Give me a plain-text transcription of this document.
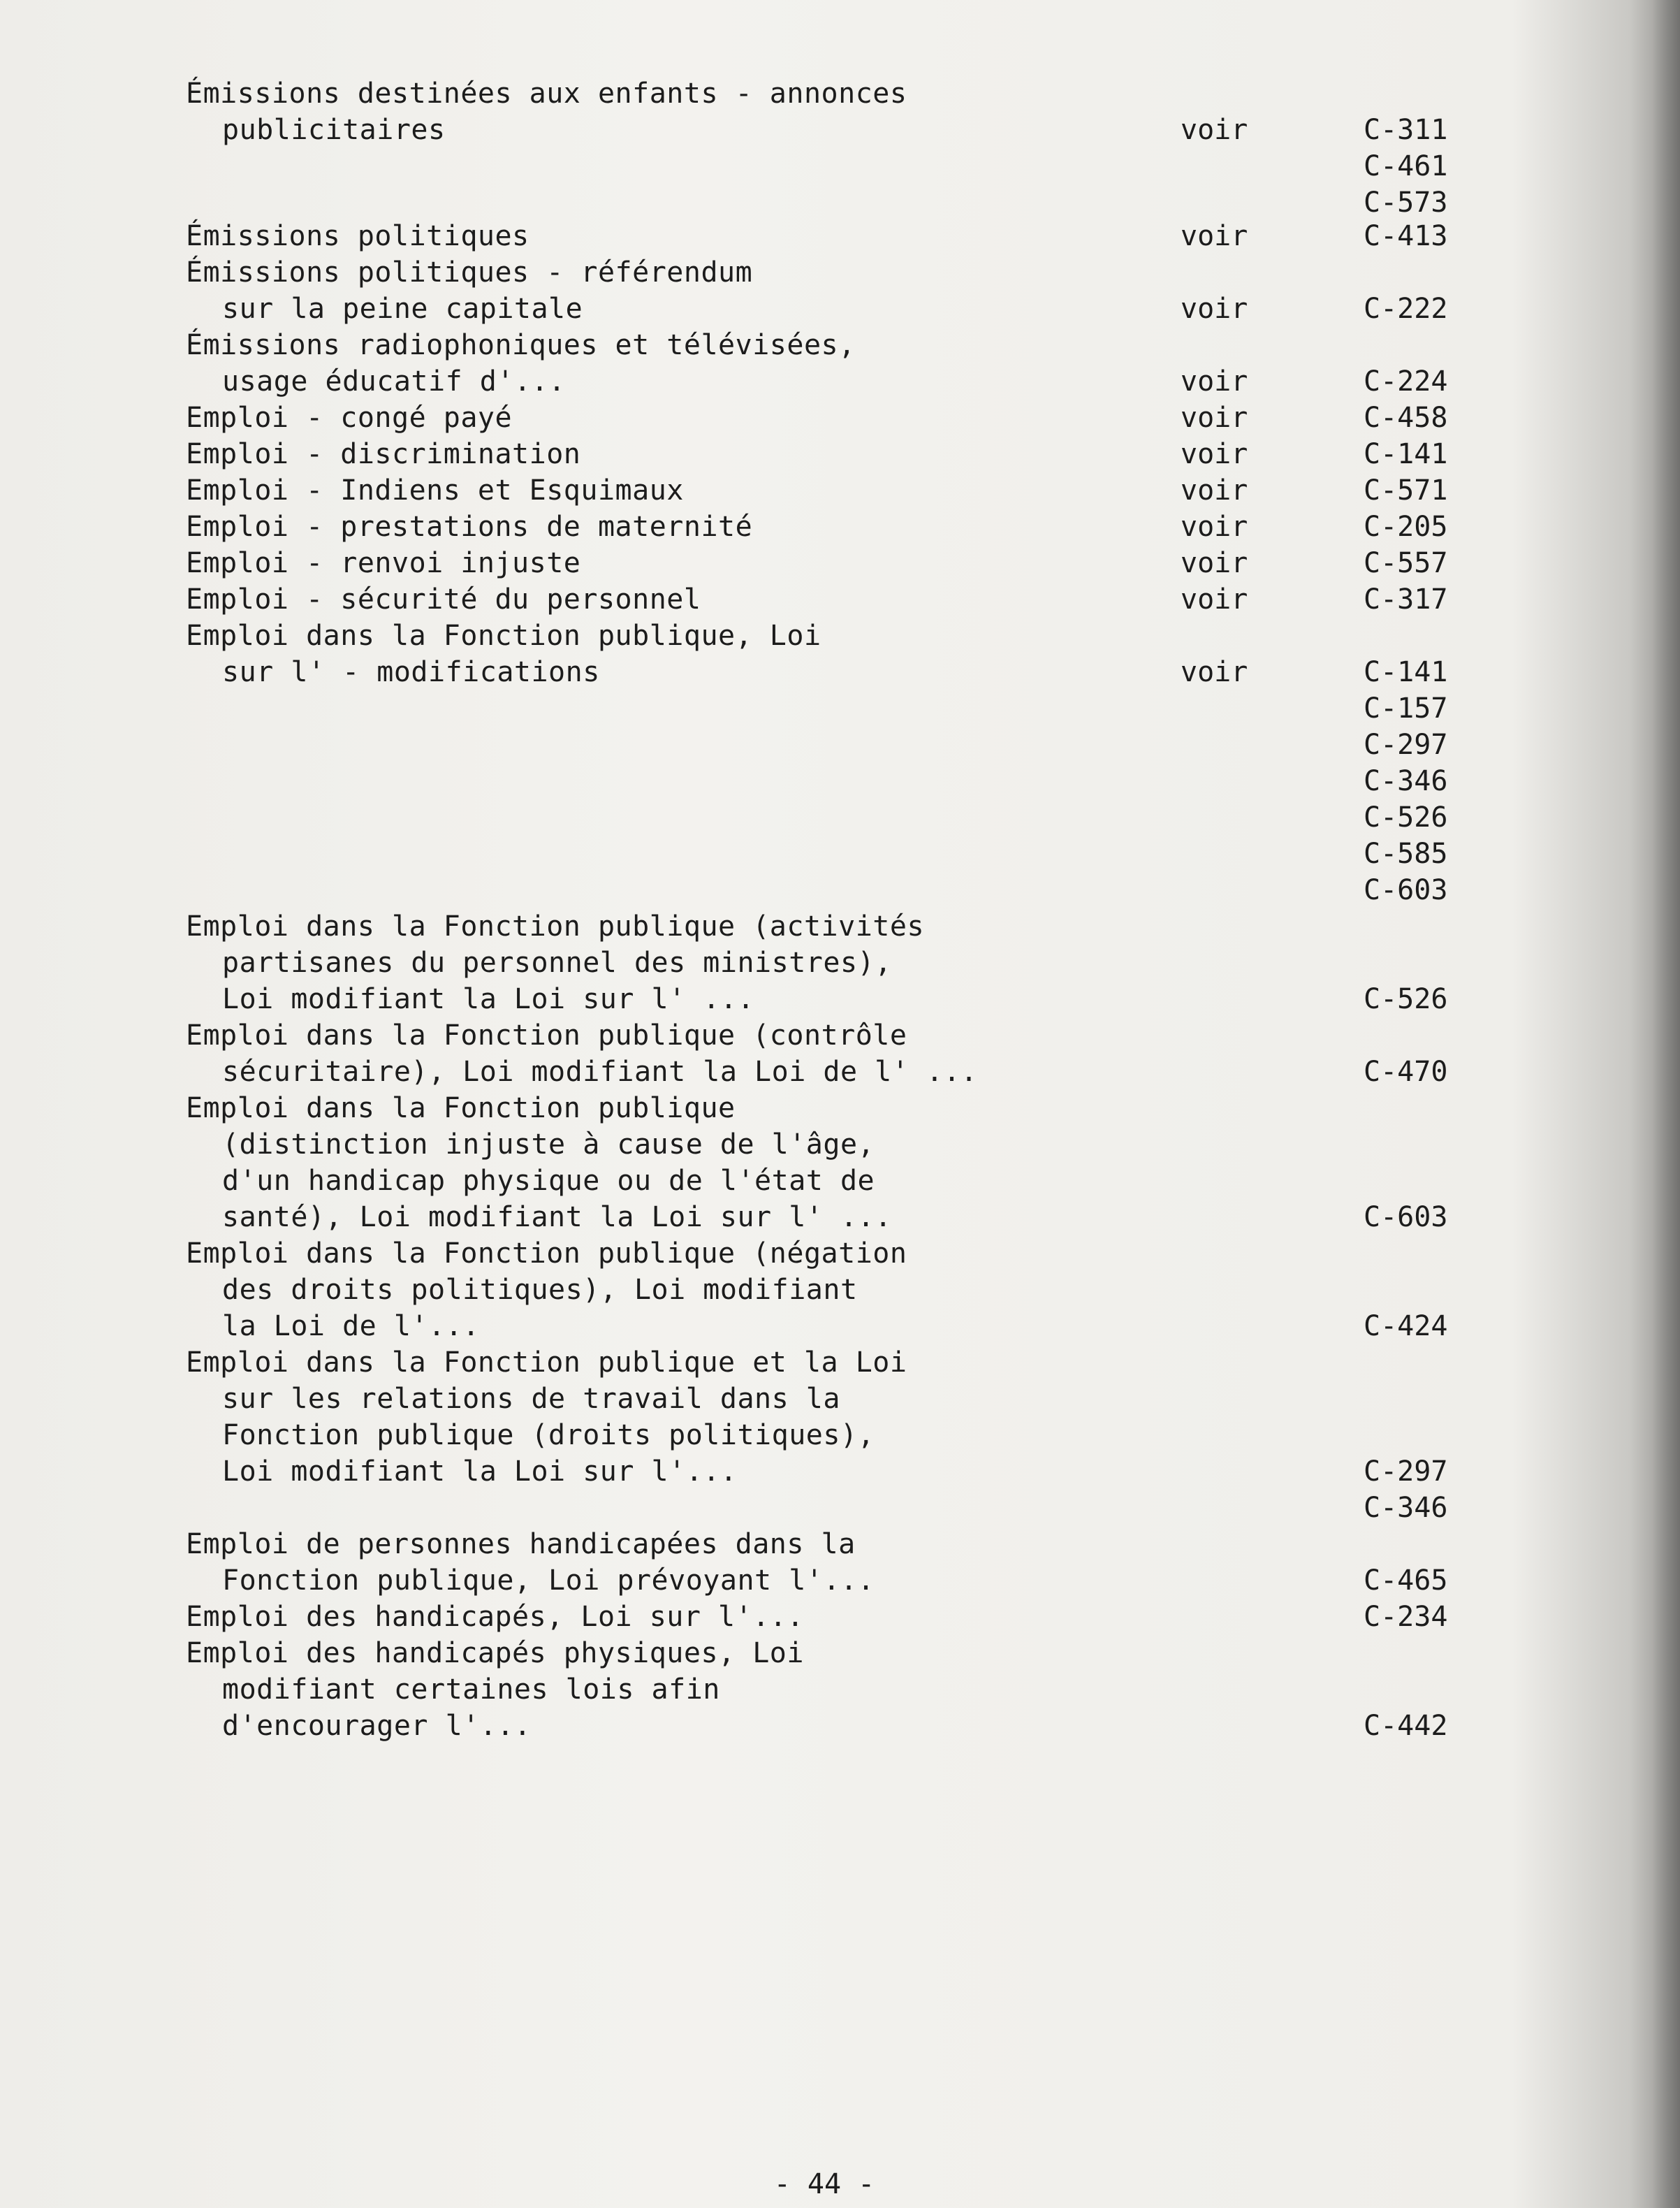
Émissions destinées aux enfants - annonces
publicitaires	voir	C-311
C-461
C-573
Émissions politiques	voir	C-413
Émissions politiques - référendum
sur la peine capitale	voir	C-222
Émissions radiophoniques et télévisées,
usage éducatif d'...	voir	C-224
Emploi - congé payé	voir	C-458
Emploi - discrimination	voir	C-141
Emploi - Indiens et Esquimaux	voir	C-571
Emploi - prestations de maternité	voir	C-205
Emploi - renvoi injuste	voir	C-557
Emploi - sécurité du personnel	voir	C-317
Emploi dans la Fonction publique, Loi
sur l' - modifications	voir	C-141
C-157
C-297
C-346
C-526
C-585
C-603
Emploi dans la Fonction publique (activités
partisanes du personnel des ministres),
Loi modifiant la Loi sur l' ...	C-526
Emploi dans la Fonction publique (contrôle
sécuritaire), Loi modifiant la Loi de l' ...	C-470
Emploi dans la Fonction publique
(distinction injuste à cause de l'âge,
d'un handicap physique ou de l'état de
santé), Loi modifiant la Loi sur l' ...	C-603
Emploi dans la Fonction publique (négation
des droits politiques), Loi modifiant
la Loi de l'...	C-424
Emploi dans la Fonction publique et la Loi
sur les relations de travail dans la
Fonction publique (droits politiques),
Loi modifiant la Loi sur l'...	C-297
C-346
Emploi de personnes handicapées dans la
Fonction publique, Loi prévoyant l'...	C-465
Emploi des handicapés, Loi sur l'...	C-234
Emploi des handicapés physiques, Loi
modifiant certaines lois afin
d'encourager l'...	C-442
- 44 -
